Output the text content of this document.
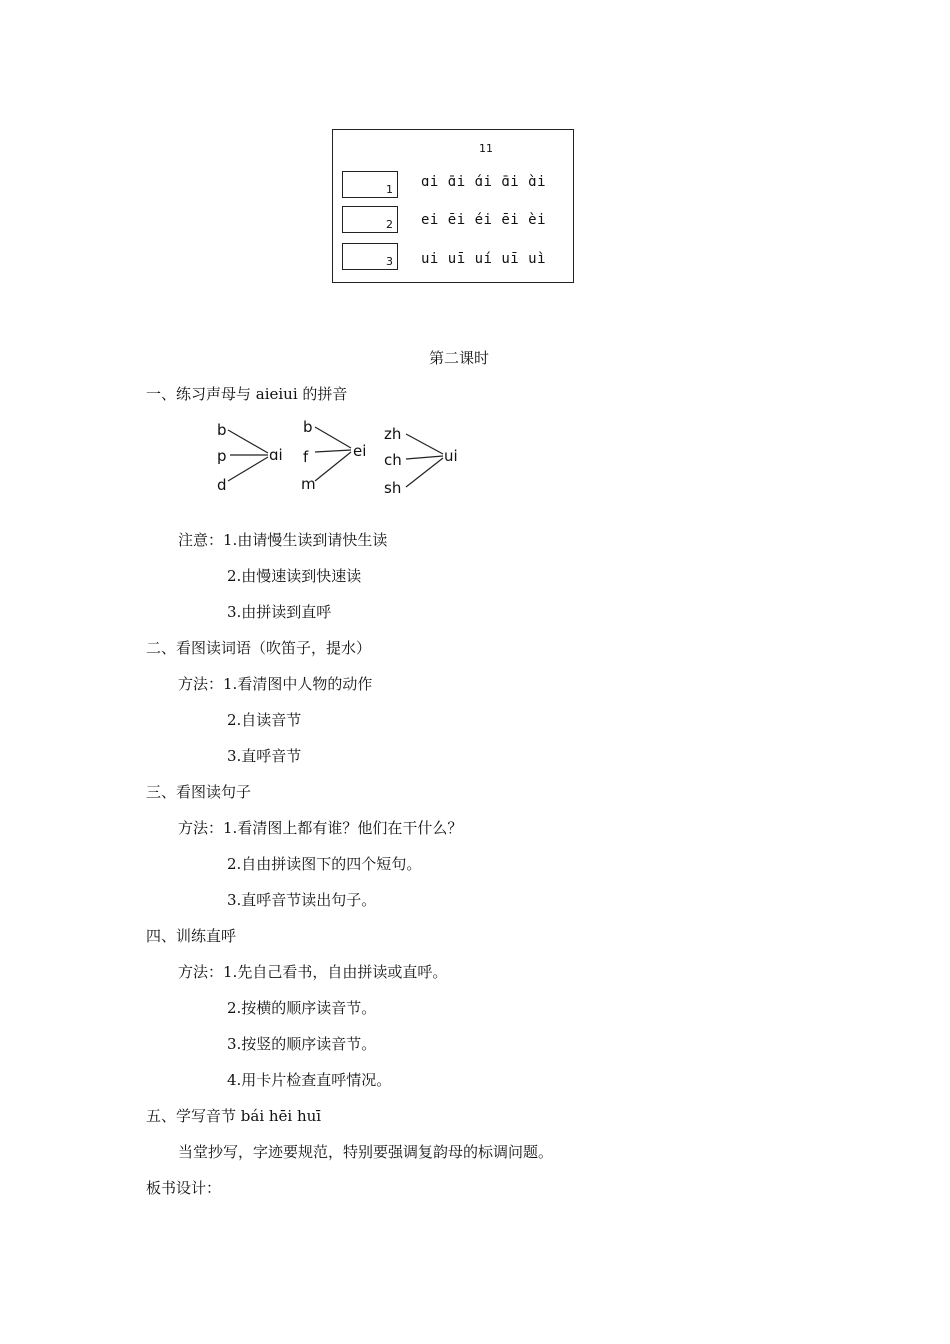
11
1 ɑi ɑ̄i ɑ́i ɑ̄i ɑ̀i
2 ei ēi éi ēi èi
3 ui uī uí uī uì
第二课时
一、练习声母与 aieiui 的拼音
b
p
d
ɑi
b
f
m
ei
zh
ch
sh
ui
注意：1.由请慢生读到请快生读
2.由慢速读到快速读
3.由拼读到直呼
二、看图读词语（吹笛子，提水）
方法：1.看清图中人物的动作
2.自读音节
3.直呼音节
三、看图读句子
方法：1.看清图上都有谁？他们在干什么？
2.自由拼读图下的四个短句。
3.直呼音节读出句子。
四、训练直呼
方法：1.先自己看书，自由拼读或直呼。
2.按横的顺序读音节。
3.按竖的顺序读音节。
4.用卡片检查直呼情况。
五、学写音节 bái hēi huī
当堂抄写，字迹要规范，特别要强调复韵母的标调问题。
板书设计：
